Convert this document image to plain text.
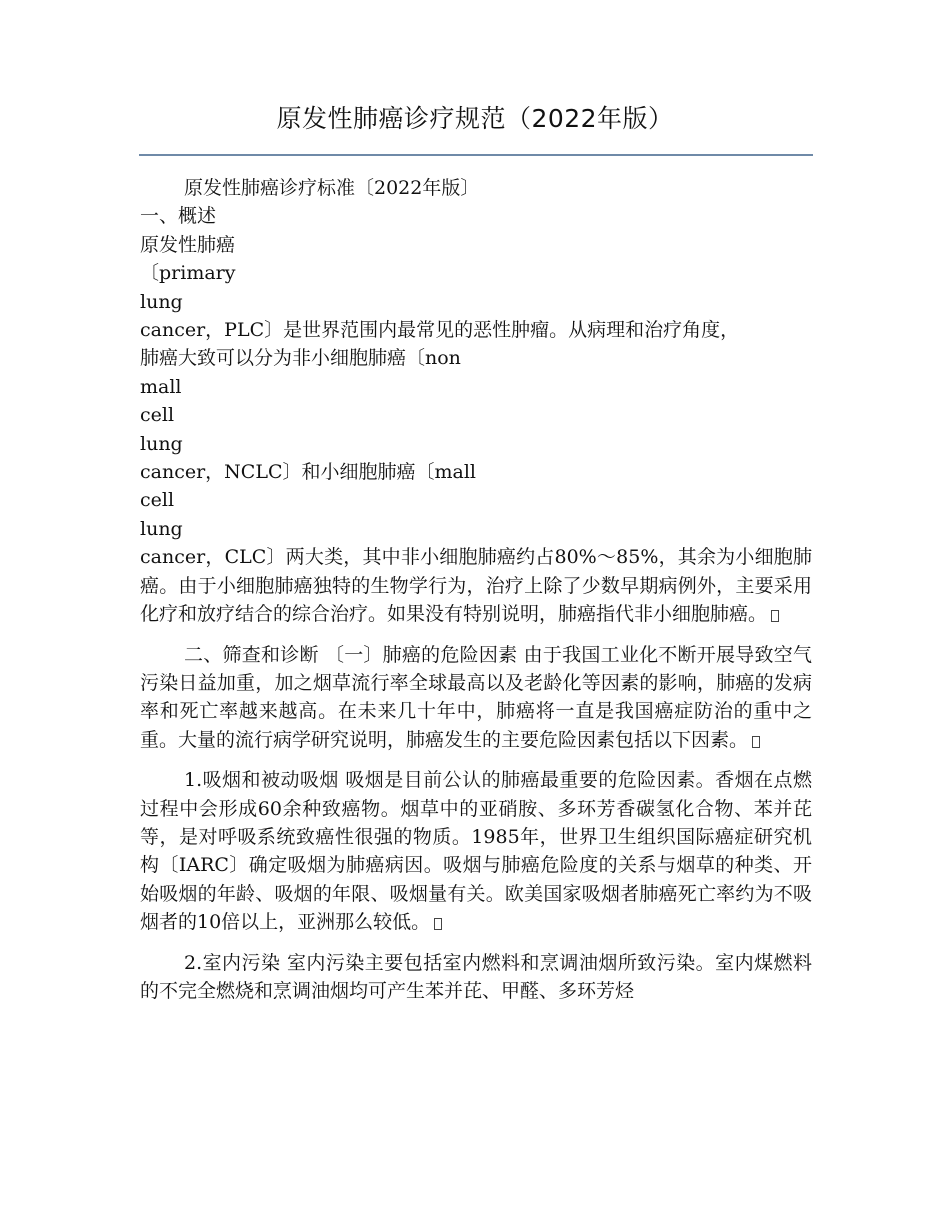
原发性肺癌诊疗规范（2022年版）

原发性肺癌诊疗标准〔2022年版〕

一、概述

原发性肺癌

〔primary

lung

cancer，PLC〕是世界范围内最常见的恶性肿瘤。从病理和治疗角度，

肺癌大致可以分为非小细胞肺癌〔non

mall

cell

lung

cancer，NCLC〕和小细胞肺癌〔mall

cell

lung

cancer，CLC〕两大类，其中非小细胞肺癌约占80%～85%，其余为小细胞肺癌。由于小细胞肺癌独特的生物学行为，治疗上除了少数早期病例外，主要采用化疗和放疗结合的综合治疗。如果没有特别说明，肺癌指代非小细胞肺癌。

二、筛查和诊断 〔一〕肺癌的危险因素 由于我国工业化不断开展导致空气污染日益加重，加之烟草流行率全球最高以及老龄化等因素的影响，肺癌的发病率和死亡率越来越高。在未来几十年中，肺癌将一直是我国癌症防治的重中之重。大量的流行病学研究说明，肺癌发生的主要危险因素包括以下因素。

1.吸烟和被动吸烟 吸烟是目前公认的肺癌最重要的危险因素。香烟在点燃过程中会形成60余种致癌物。烟草中的亚硝胺、多环芳香碳氢化合物、苯并芘等，是对呼吸系统致癌性很强的物质。1985年，世界卫生组织国际癌症研究机构〔IARC〕确定吸烟为肺癌病因。吸烟与肺癌危险度的关系与烟草的种类、开始吸烟的年龄、吸烟的年限、吸烟量有关。欧美国家吸烟者肺癌死亡率约为不吸烟者的10倍以上，亚洲那么较低。

2.室内污染 室内污染主要包括室内燃料和烹调油烟所致污染。室内煤燃料的不完全燃烧和烹调油烟均可产生苯并芘、甲醛、多环芳烃
